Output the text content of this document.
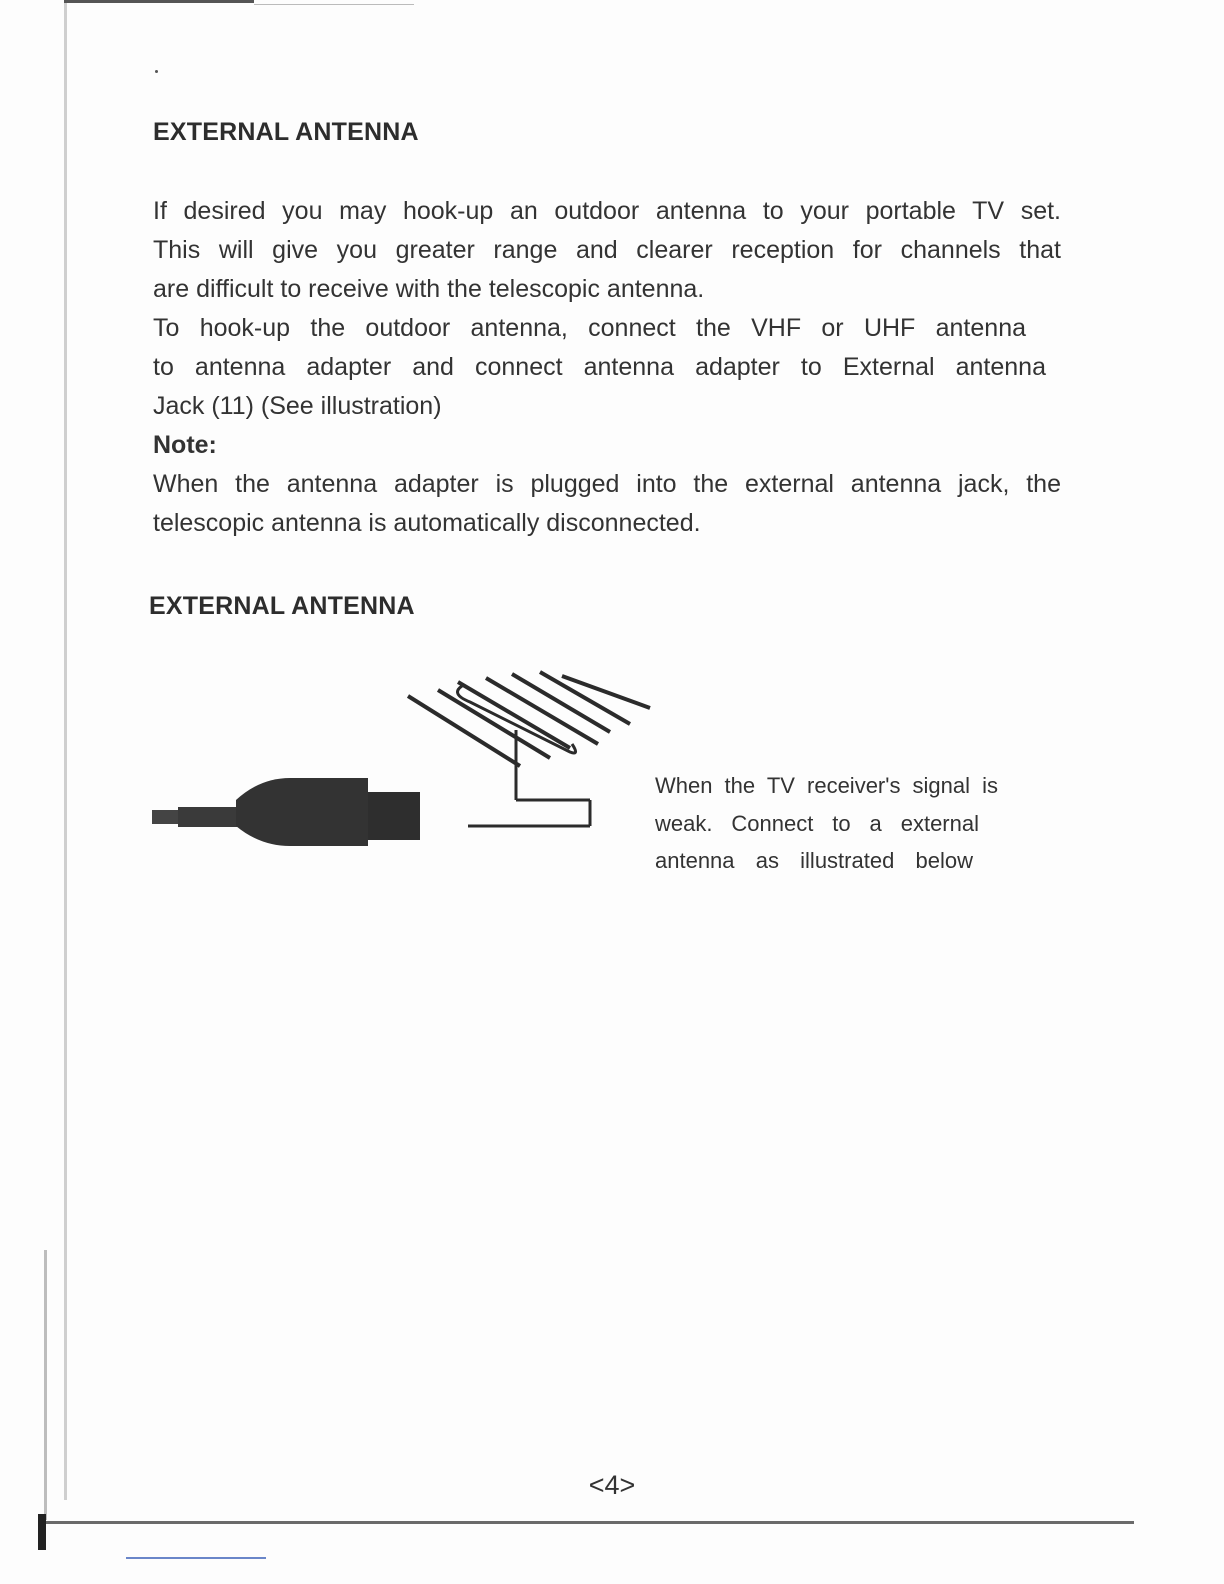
EXTERNAL ANTENNA

If desired you may hook-up an outdoor antenna to your portable TV set.

This will give you greater range and clearer reception for channels that

are difficult to receive with the telescopic antenna.

To hook-up the outdoor antenna, connect the VHF or UHF antenna

to antenna adapter and connect antenna adapter to External antenna

Jack (11) (See illustration)

Note:

When the antenna adapter is plugged into the external antenna jack, the

telescopic antenna is automatically disconnected.

EXTERNAL ANTENNA

When the TV receiver's signal is

weak. Connect to a external

antenna as illustrated below

<4>
